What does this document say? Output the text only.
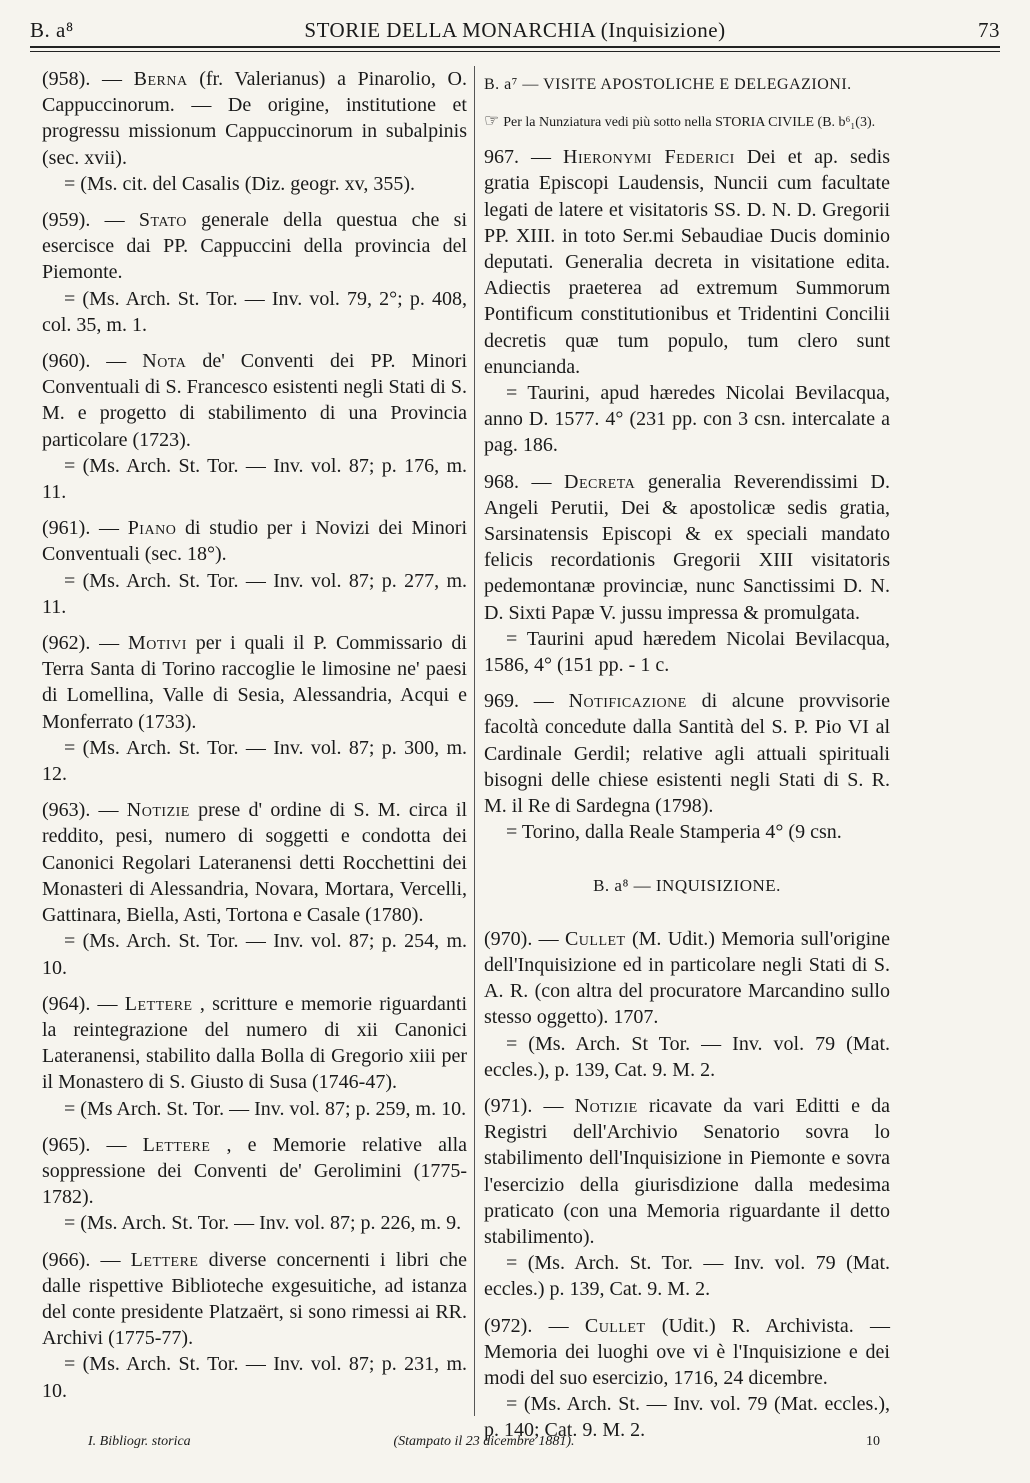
B. a⁸	STORIE DELLA MONARCHIA (Inquisizione)	73

(958). — Berna (fr. Valerianus) a Pinarolio, O. Cappuccinorum. — De origine, institutione et progressu missionum Cappuccinorum in subalpinis (sec. xvii).

= (Ms. cit. del Casalis (Diz. geogr. xv, 355).

(959). — Stato generale della questua che si esercisce dai PP. Cappuccini della provincia del Piemonte.

= (Ms. Arch. St. Tor. — Inv. vol. 79, 2°; p. 408, col. 35, m. 1.

(960). — Nota de' Conventi dei PP. Minori Conventuali di S. Francesco esistenti negli Stati di S. M. e progetto di stabilimento di una Provincia particolare (1723).

= (Ms. Arch. St. Tor. — Inv. vol. 87; p. 176, m. 11.

(961). — Piano di studio per i Novizi dei Minori Conventuali (sec. 18°).

= (Ms. Arch. St. Tor. — Inv. vol. 87; p. 277, m. 11.

(962). — Motivi per i quali il P. Commissario di Terra Santa di Torino raccoglie le limosine ne' paesi di Lomellina, Valle di Sesia, Alessandria, Acqui e Monferrato (1733).

= (Ms. Arch. St. Tor. — Inv. vol. 87; p. 300, m. 12.

(963). — Notizie prese d' ordine di S. M. circa il reddito, pesi, numero di soggetti e condotta dei Canonici Regolari Lateranensi detti Rocchettini dei Monasteri di Alessandria, Novara, Mortara, Vercelli, Gattinara, Biella, Asti, Tortona e Casale (1780).

= (Ms. Arch. St. Tor. — Inv. vol. 87; p. 254, m. 10.

(964). — Lettere , scritture e memorie riguardanti la reintegrazione del numero di xii Canonici Lateranensi, stabilito dalla Bolla di Gregorio xiii per il Monastero di S. Giusto di Susa (1746-47).

= (Ms Arch. St. Tor. — Inv. vol. 87; p. 259, m. 10.

(965). — Lettere , e Memorie relative alla soppressione dei Conventi de' Gerolimini (1775-1782).

= (Ms. Arch. St. Tor. — Inv. vol. 87; p. 226, m. 9.

(966). — Lettere diverse concernenti i libri che dalle rispettive Biblioteche exgesuitiche, ad istanza del conte presidente Platzaërt, si sono rimessi ai RR. Archivi (1775-77).

= (Ms. Arch. St. Tor. — Inv. vol. 87; p. 231, m. 10.

B. a⁷ — VISITE APOSTOLICHE E DELEGAZIONI.
☞ Per la Nunziatura vedi più sotto nella STORIA CIVILE (B. b⁶₁(3).

967. — Hieronymi Federici Dei et ap. sedis gratia Episcopi Laudensis, Nuncii cum facultate legati de latere et visitatoris SS. D. N. D. Gregorii PP. XIII. in toto Ser.mi Sebaudiae Ducis dominio deputati. Generalia decreta in visitatione edita. Adiectis praeterea ad extremum Summorum Pontificum constitutionibus et Tridentini Concilii decretis quæ tum populo, tum clero sunt enuncianda.

= Taurini, apud hæredes Nicolai Bevilacqua, anno D. 1577. 4° (231 pp. con 3 csn. intercalate a pag. 186.

968. — Decreta generalia Reverendissimi D. Angeli Perutii, Dei & apostolicæ sedis gratia, Sarsinatensis Episcopi & ex speciali mandato felicis recordationis Gregorii XIII visitatoris pedemontanæ provinciæ, nunc Sanctissimi D. N. D. Sixti Papæ V. jussu impressa & promulgata.

= Taurini apud hæredem Nicolai Bevilacqua, 1586, 4° (151 pp. - 1 c.

969. — Notificazione di alcune provvisorie facoltà concedute dalla Santità del S. P. Pio VI al Cardinale Gerdil; relative agli attuali spirituali bisogni delle chiese esistenti negli Stati di S. R. M. il Re di Sardegna (1798).

= Torino, dalla Reale Stamperia 4° (9 csn.

B. a⁸ — INQUISIZIONE.

(970). — Cullet (M. Udit.) Memoria sull'origine dell'Inquisizione ed in particolare negli Stati di S. A. R. (con altra del procuratore Marcandino sullo stesso oggetto). 1707.

= (Ms. Arch. St Tor. — Inv. vol. 79 (Mat. eccles.), p. 139, Cat. 9. M. 2.

(971). — Notizie ricavate da vari Editti e da Registri dell'Archivio Senatorio sovra lo stabilimento dell'Inquisizione in Piemonte e sovra l'esercizio della giurisdizione dalla medesima praticato (con una Memoria riguardante il detto stabilimento).

= (Ms. Arch. St. Tor. — Inv. vol. 79 (Mat. eccles.) p. 139, Cat. 9. M. 2.

(972). — Cullet (Udit.) R. Archivista. — Memoria dei luoghi ove vi è l'Inquisizione e dei modi del suo esercizio, 1716, 24 dicembre.

= (Ms. Arch. St. — Inv. vol. 79 (Mat. eccles.), p. 140; Cat. 9. M. 2.

I. Bibliogr. storica	(Stampato il 23 dicembre 1881).	10
